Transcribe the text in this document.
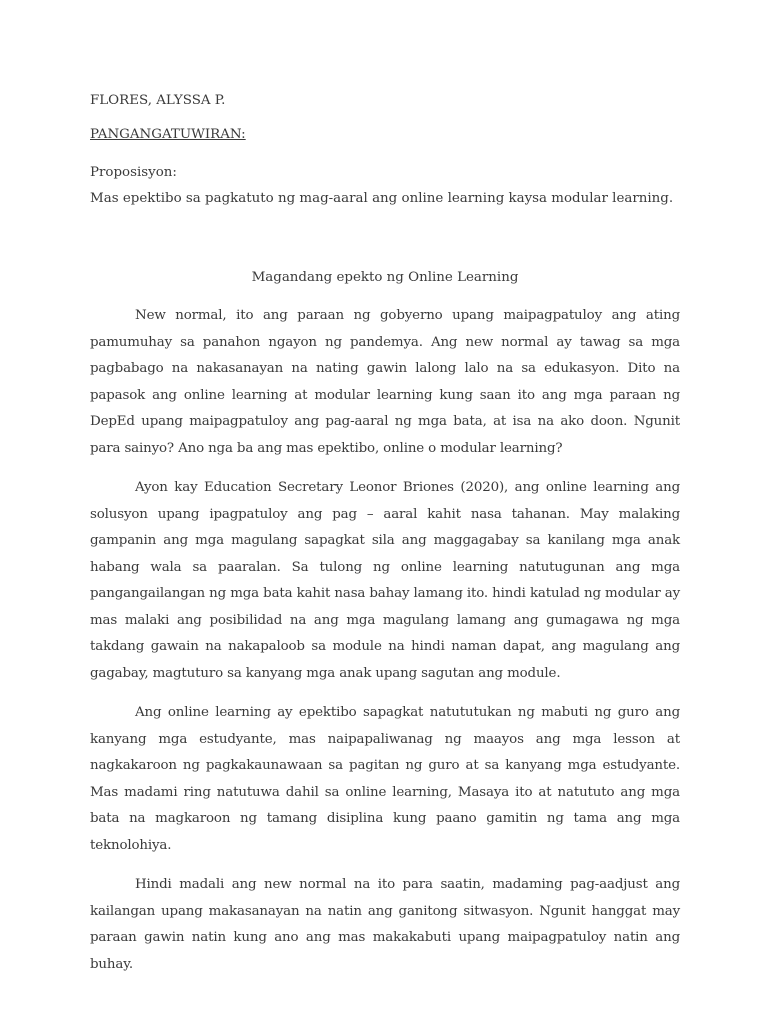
FLORES, ALYSSA P.
PANGANGATUWIRAN:
Proposisyon:
Mas epektibo sa pagkatuto ng mag-aaral ang online learning kaysa modular learning.
Magandang epekto ng Online Learning

New normal, ito ang paraan ng gobyerno upang maipagpatuloy ang ating pamumuhay sa panahon ngayon ng pandemya. Ang new normal ay tawag sa mga pagbabago na nakasanayan na nating gawin lalong lalo na sa edukasyon. Dito na papasok ang online learning at modular learning kung saan ito ang mga paraan ng DepEd upang maipagpatuloy ang pag-aaral ng mga bata, at isa na ako doon. Ngunit para sainyo? Ano nga ba ang mas epektibo, online o modular learning?

Ayon kay Education Secretary Leonor Briones (2020), ang online learning ang solusyon upang ipagpatuloy ang pag – aaral kahit nasa tahanan. May malaking gampanin ang mga magulang sapagkat sila ang maggagabay sa kanilang mga anak habang wala sa paaralan. Sa tulong ng online learning natutugunan ang mga pangangailangan ng mga bata kahit nasa bahay lamang ito. hindi katulad ng modular ay mas malaki ang posibilidad na ang mga magulang lamang ang gumagawa ng mga takdang gawain na nakapaloob sa module na hindi naman dapat, ang magulang ang gagabay, magtuturo sa kanyang mga anak upang sagutan ang module.

Ang online learning ay epektibo sapagkat natututukan ng mabuti ng guro ang kanyang mga estudyante, mas naipapaliwanag ng maayos ang mga lesson at nagkakaroon ng pagkakaunawaan sa pagitan ng guro at sa kanyang mga estudyante. Mas madami ring natutuwa dahil sa online learning, Masaya ito at natututo ang mga bata na magkaroon ng tamang disiplina kung paano gamitin ng tama ang mga teknolohiya.

Hindi madali ang new normal na ito para saatin, madaming pag-aadjust ang kailangan upang makasanayan na natin ang ganitong sitwasyon. Ngunit hanggat may paraan gawin natin kung ano ang mas makakabuti upang maipagpatuloy natin ang buhay.
